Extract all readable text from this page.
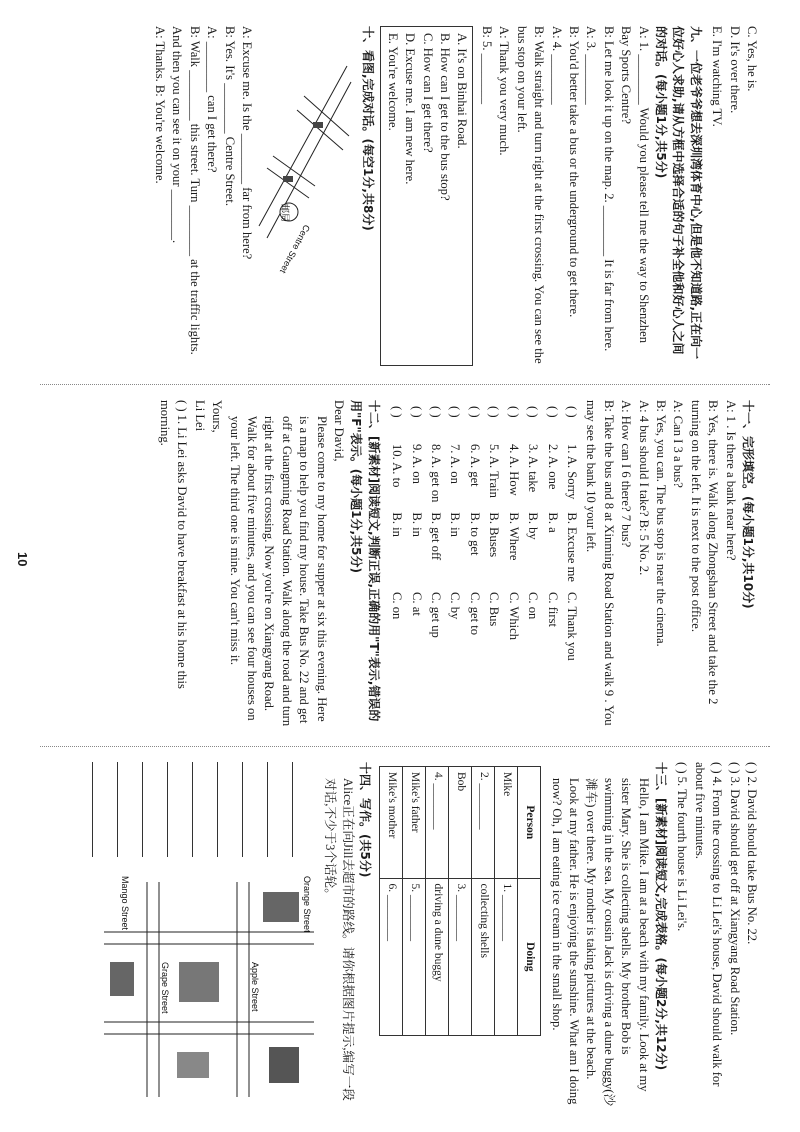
C. Yes, he is.
D. It's over there.
E. I'm watching TV.
九、一位老爷爷想去深圳湾体育中心,但是他不知道路,正在向一位好心人求助,请从方框中选择合适的句子补全他和好心人之间的对话。(每小题1分,共5分)
A: 1. ________ Would you please tell me the way to Shenzhen Bay Sports Centre?
B: Let me look it up on the map. 2. ________ It is far from here.
A: 3. ________
B: You'd better take a bus or the underground to get there.
A: 4. ________
B: Walk straight and turn right at the first crossing. You can see the bus stop on your left.
A: Thank you very much.
B: 5. ________
A. It's on Binhai Road.
B. How can I get to the bus stop?
C. How can I get there?
D. Excuse me. I am new here.
E. You're welcome.
十、看图,完成对话。(每空1分,共8分)
Centre Street
邮局
A: Excuse me. Is the ________ far from here?
B: Yes. It's ________ Centre Street.
A: ________ can I get there?
B: Walk ________ this street. Turn ________ at the traffic lights. And then you can see it on your ________.
A: Thanks. B: You're welcome.
十一、完形填空。(每小题1分,共10分)
A: 1 . Is there a bank near here?
B: Yes, there is. Walk along Zhongshan Street and take the 2 turning on the left. It is next to the post office.
A: Can I 3 a bus?
B: Yes, you can. The bus stop is near the cinema.
A: 4 bus should I take? B: 5 No. 2.
A: How can I 6 there? 7 bus?
B: Take the bus and 8 at Xinming Road Station and walk 9 . You may see the bank 10 your left.
( )	1. A. Sorry	B. Excuse me	C. Thank you
( )	2. A. one	B. a	C. first
( )	3. A. take	B. by	C. on
( )	4. A. How	B. Where	C. Which
( )	5. A. Train	B. Buses	C. Bus
( )	6. A. get	B. to get	C. get to
( )	7. A. on	B. in	C. by
( )	8. A. get on	B. get off	C. get up
( )	9. A. on	B. in	C. at
( )	10. A. to	B. in	C. on
十二、[新素材]阅读短文,判断正误,正确的用"T"表示,错误的用"F"表示。(每小题1分,共5分)
Dear David,
Please come to my home for supper at six this evening. Here is a map to help you find my house. Take Bus No. 22 and get off at Guangming Road Station. Walk along the road and turn right at the first crossing. Now you're on Xiangyang Road. Walk for about five minutes, and you can see four houses on your left. The third one is mine. You can't miss it.
Yours,
Li Lei
( ) 1. Li Lei asks David to have breakfast at his home this morning.
( ) 2. David should take Bus No. 22.
( ) 3. David should get off at Xiangyang Road Station.
( ) 4. From the crossing to Li Lei's house, David should walk for about five minutes.
( ) 5. The fourth house is Li Lei's.
十三、[新素材]阅读短文,完成表格。(每小题2分,共12分)
Hello, I am Mike. I am at a beach with my family. Look at my sister Mary. She is collecting shells. My brother Bob is swimming in the sea. My cousin Jack is driving a dune buggy(沙滩车) over there. My mother is taking pictures at the beach. Look at my father. He is enjoying the sunshine. What am I doing now? Oh, I am eating ice cream in the small shop.
Person	Doing
Mike	1. ________
2. ________	collecting shells
Bob	3. ________
4. ________	driving a dune buggy
Mike's father	5. ________
Mike's mother	6. ________
十四、写作。(共5分)
Alice正在向Jill去超市的路线。请你根据图片提示,编写一段对话,不少于3个话轮。
Orange Street
Mango Street
Apple Street
Grape Street
10
